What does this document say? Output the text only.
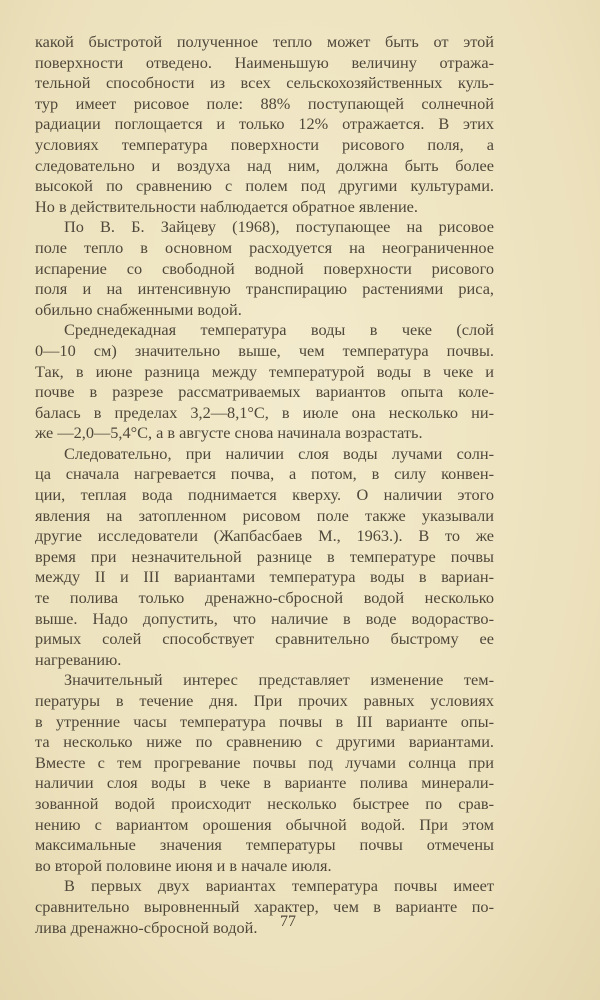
какой быстротой полученное тепло может быть от этой
поверхности отведено. Наименьшую величину отража-
тельной способности из всех сельскохозяйственных куль-
тур имеет рисовое поле: 88% поступающей солнечной
радиации поглощается и только 12% отражается. В этих
условиях температура поверхности рисового поля, а
следовательно и воздуха над ним, должна быть более
высокой по сравнению с полем под другими культурами.
Но в действительности наблюдается обратное явление.
По В. Б. Зайцеву (1968), поступающее на рисовое
поле тепло в основном расходуется на неограниченное
испарение со свободной водной поверхности рисового
поля и на интенсивную транспирацию растениями риса,
обильно снабженными водой.
Среднедекадная температура воды в чеке (слой
0—10 см) значительно выше, чем температура почвы.
Так, в июне разница между температурой воды в чеке и
почве в разрезе рассматриваемых вариантов опыта коле-
балась в пределах 3,2—8,1°С, в июле она несколько ни-
же —2,0—5,4°С, а в августе снова начинала возрастать.
Следовательно, при наличии слоя воды лучами солн-
ца сначала нагревается почва, а потом, в силу конвен-
ции, теплая вода поднимается кверху. О наличии этого
явления на затопленном рисовом поле также указывали
другие исследователи (Жапбасбаев М., 1963.). В то же
время при незначительной разнице в температуре почвы
между II и III вариантами температура воды в вариан-
те полива только дренажно-сбросной водой несколько
выше. Надо допустить, что наличие в воде водораство-
римых солей способствует сравнительно быстрому ее
нагреванию.
Значительный интерес представляет изменение тем-
пературы в течение дня. При прочих равных условиях
в утренние часы температура почвы в III варианте опы-
та несколько ниже по сравнению с другими вариантами.
Вместе с тем прогревание почвы под лучами солнца при
наличии слоя воды в чеке в варианте полива минерали-
зованной водой происходит несколько быстрее по срав-
нению с вариантом орошения обычной водой. При этом
максимальные значения температуры почвы отмечены
во второй половине июня и в начале июля.
В первых двух вариантах температура почвы имеет
сравнительно выровненный характер, чем в варианте по-
лива дренажно-сбросной водой.	77
